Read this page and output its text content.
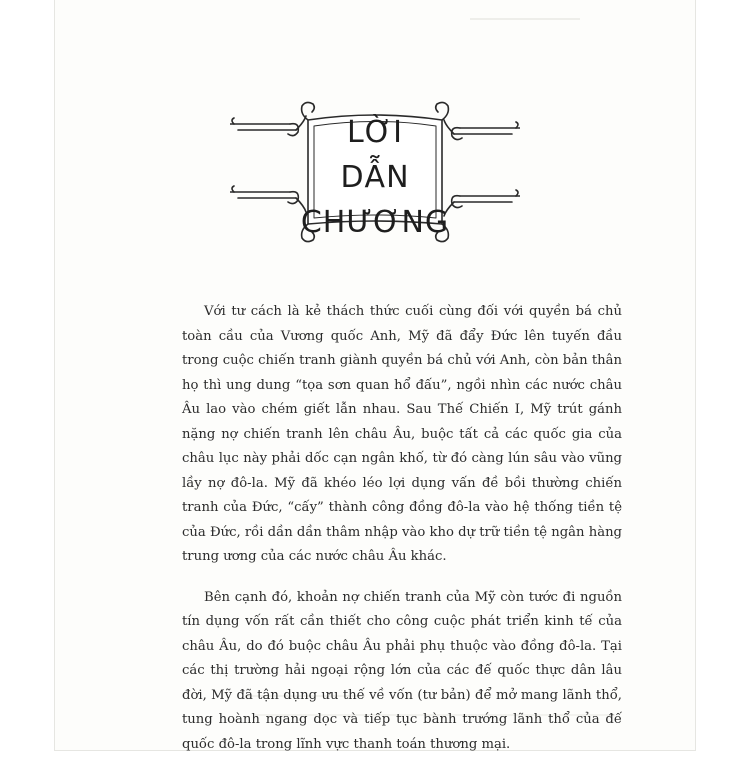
LỜI
DẪN
CHƯƠNG

Với tư cách là kẻ thách thức cuối cùng đối với quyền bá chủ toàn cầu của Vương quốc Anh, Mỹ đã đẩy Đức lên tuyến đầu trong cuộc chiến tranh giành quyền bá chủ với Anh, còn bản thân họ thì ung dung “tọa sơn quan hổ đấu”, ngồi nhìn các nước châu Âu lao vào chém giết lẫn nhau. Sau Thế Chiến I, Mỹ trút gánh nặng nợ chiến tranh lên châu Âu, buộc tất cả các quốc gia của châu lục này phải dốc cạn ngân khố, từ đó càng lún sâu vào vũng lầy nợ đô-la. Mỹ đã khéo léo lợi dụng vấn đề bồi thường chiến tranh của Đức, “cấy” thành công đồng đô-la vào hệ thống tiền tệ của Đức, rồi dần dần thâm nhập vào kho dự trữ tiền tệ ngân hàng trung ương của các nước châu Âu khác.

Bên cạnh đó, khoản nợ chiến tranh của Mỹ còn tước đi nguồn tín dụng vốn rất cần thiết cho công cuộc phát triển kinh tế của châu Âu, do đó buộc châu Âu phải phụ thuộc vào đồng đô-la. Tại các thị trường hải ngoại rộng lớn của các đế quốc thực dân lâu đời, Mỹ đã tận dụng ưu thế về vốn (tư bản) để mở mang lãnh thổ, tung hoành ngang dọc và tiếp tục bành trướng lãnh thổ của đế quốc đô-la trong lĩnh vực thanh toán thương mại.
